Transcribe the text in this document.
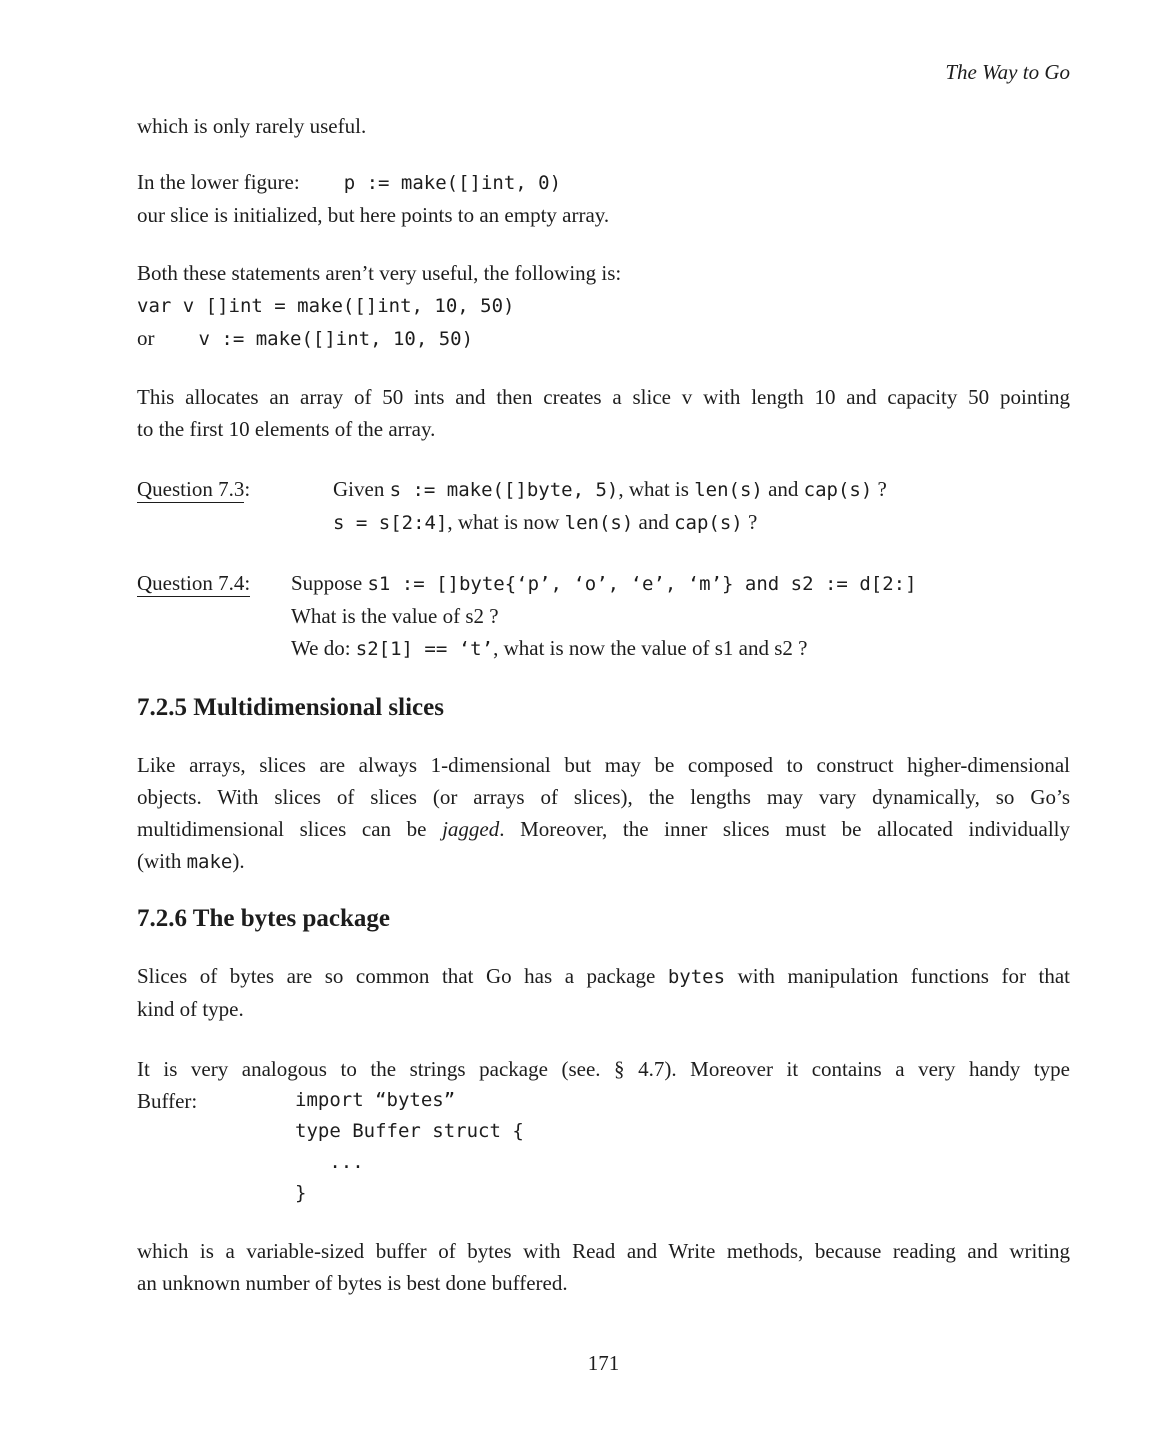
The Way to Go
which is only rarely useful.
In the lower figure: p := make([]int, 0)
our slice is initialized, but here points to an empty array.
Both these statements aren’t very useful, the following is:
var v []int = make([]int, 10, 50)
or v := make([]int, 10, 50)
This allocates an array of 50 ints and then creates a slice v with length 10 and capacity 50 pointing
to the first 10 elements of the array.
Question 7.3:	Given s := make([]byte, 5), what is len(s) and cap(s) ?
s = s[2:4], what is now len(s) and cap(s) ?
Question 7.4:	Suppose s1 := []byte{‘p’, ‘o’, ‘e’, ‘m’} and s2 := d[2:]
What is the value of s2 ?
We do: s2[1] == ‘t’, what is now the value of s1 and s2 ?
7.2.5 Multidimensional slices
Like arrays, slices are always 1-dimensional but may be composed to construct higher-dimensional
objects. With slices of slices (or arrays of slices), the lengths may vary dynamically, so Go’s
multidimensional slices can be jagged. Moreover, the inner slices must be allocated individually
(with make).
7.2.6 The bytes package
Slices of bytes are so common that Go has a package bytes with manipulation functions for that
kind of type.
It is very analogous to the strings package (see. § 4.7). Moreover it contains a very handy type
Buffer:	import “bytes”
type Buffer struct {
...
}
which is a variable-sized buffer of bytes with Read and Write methods, because reading and writing
an unknown number of bytes is best done buffered.
171
